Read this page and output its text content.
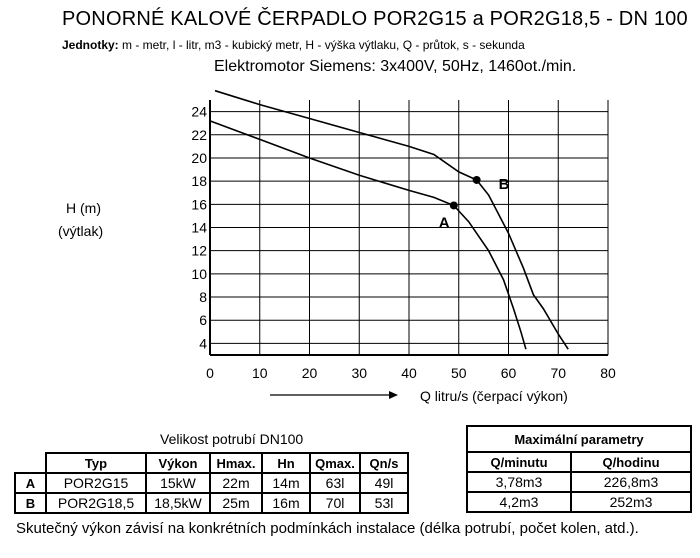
PONORNÉ KALOVÉ ČERPADLO POR2G15 a POR2G18,5 - DN 100
Jednotky: m - metr, l - litr, m3 - kubický metr, H - výška výtlaku, Q - průtok, s - sekunda
Elektromotor Siemens: 3x400V, 50Hz, 1460ot./min.
H (m)
(výtlak)
0	10 20 30 40 50 60 70 80
4
6
8
10
12
14
16
18
20
22
24
A
B
Q litru/s (čerpací výkon)
Velikost potrubí DN100
	Typ	Výkon	Hmax.	Hn	Qmax.	Qn/s
A	POR2G15	15kW	22m	14m	63l	49l
B	POR2G18,5	18,5kW	25m	16m	70l	53l
Maximální parametry	
Q/minutu	Q/hodinu
3,78m3	226,8m3
4,2m3	252m3
Skutečný výkon závisí na konkrétních podmínkách instalace (délka potrubí, počet kolen, atd.).
